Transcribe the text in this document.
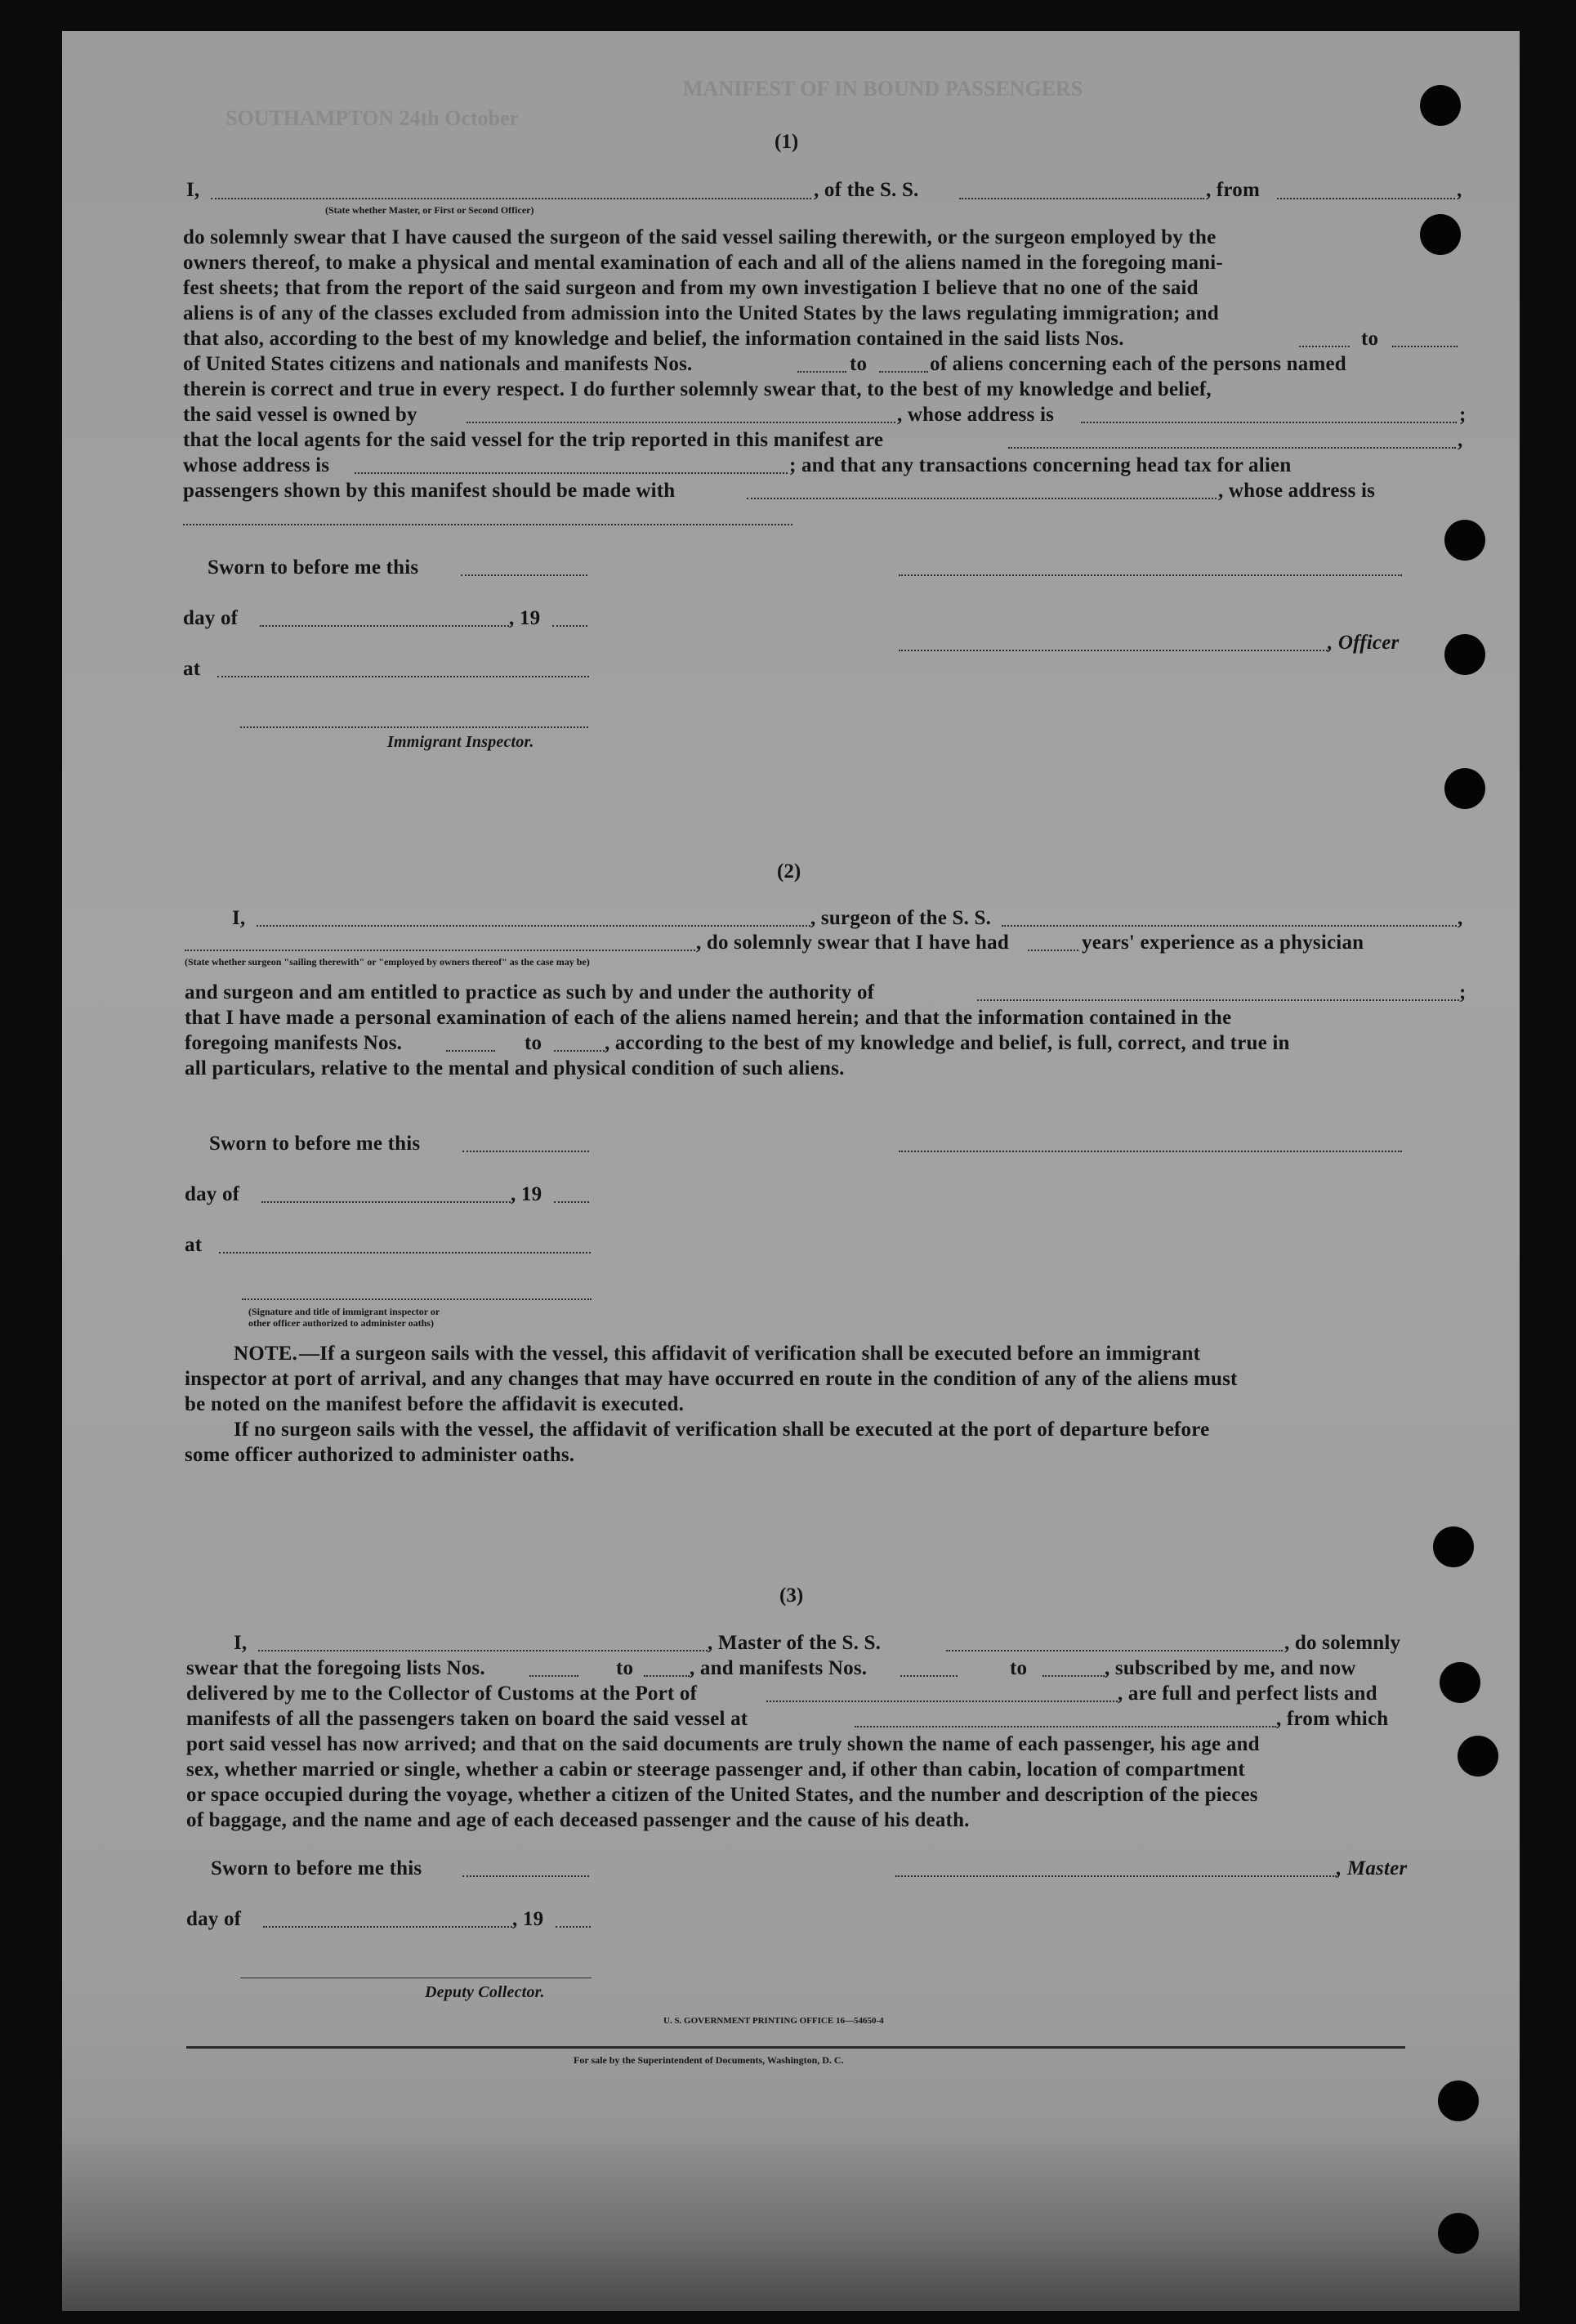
MANIFEST OF IN BOUND PASSENGERS
SOUTHAMPTON 24th October
(1)
I,	, of the S. S.	, from	,
(State whether Master, or First or Second Officer)
do solemnly swear that I have caused the surgeon of the said vessel sailing therewith, or the surgeon employed by the
owners thereof, to make a physical and mental examination of each and all of the aliens named in the foregoing mani-
fest sheets; that from the report of the said surgeon and from my own investigation I believe that no one of the said
aliens is of any of the classes excluded from admission into the United States by the laws regulating immigration; and
that also, according to the best of my knowledge and belief, the information contained in the said lists Nos.	to
of United States citizens and nationals and manifests Nos.	to	of aliens concerning each of the persons named
therein is correct and true in every respect. I do further solemnly swear that, to the best of my knowledge and belief,
the said vessel is owned by	, whose address is	;
that the local agents for the said vessel for the trip reported in this manifest are	,
whose address is	; and that any transactions concerning head tax for alien
passengers shown by this manifest should be made with	, whose address is
Sworn to before me this
day of	, 19
, Officer
at
Immigrant Inspector.
(2)
I,	, surgeon of the S. S.	,
, do solemnly swear that I have had	years' experience as a physician
(State whether surgeon "sailing therewith" or "employed by owners thereof" as the case may be)
and surgeon and am entitled to practice as such by and under the authority of	;
that I have made a personal examination of each of the aliens named herein; and that the information contained in the
foregoing manifests Nos.	to	, according to the best of my knowledge and belief, is full, correct, and true in
all particulars, relative to the mental and physical condition of such aliens.
Sworn to before me this
day of	, 19
at
(Signature and title of immigrant inspector or
other officer authorized to administer oaths)
NOTE. —If a surgeon sails with the vessel, this affidavit of verification shall be executed before an immigrant
inspector at port of arrival, and any changes that may have occurred en route in the condition of any of the aliens must
be noted on the manifest before the affidavit is executed.
If no surgeon sails with the vessel, the affidavit of verification shall be executed at the port of departure before
some officer authorized to administer oaths.
(3)
I,	, Master of the S. S.	, do solemnly
swear that the foregoing lists Nos.	to	, and manifests Nos.	to	, subscribed by me, and now
delivered by me to the Collector of Customs at the Port of	, are full and perfect lists and
manifests of all the passengers taken on board the said vessel at	, from which
port said vessel has now arrived; and that on the said documents are truly shown the name of each passenger, his age and
sex, whether married or single, whether a cabin or steerage passenger and, if other than cabin, location of compartment
or space occupied during the voyage, whether a citizen of the United States, and the number and description of the pieces
of baggage, and the name and age of each deceased passenger and the cause of his death.
Sworn to before me this	, Master
day of	, 19
Deputy Collector.
U. S. GOVERNMENT PRINTING OFFICE 16—54650-4
For sale by the Superintendent of Documents, Washington, D. C.
